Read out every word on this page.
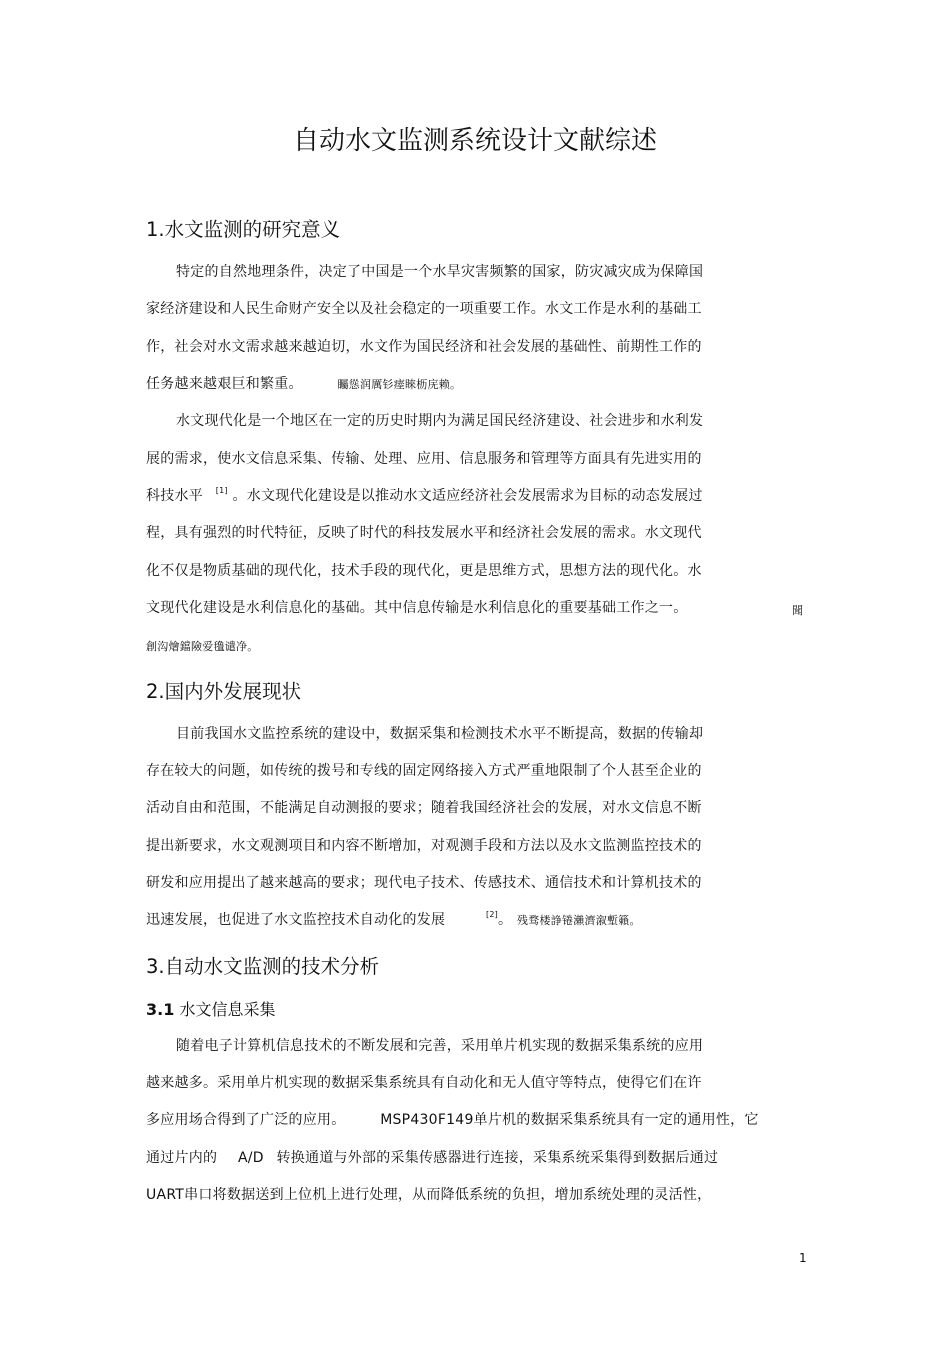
自动水文监测系统设计文献综述
1.水文监测的研究意义
特定的自然地理条件，决定了中国是一个水旱灾害频繁的国家，防灾减灾成为保障国
家经济建设和人民生命财产安全以及社会稳定的一项重要工作。水文工作是水利的基础工
作，社会对水文需求越来越迫切，水文作为国民经济和社会发展的基础性、前期性工作的
任务越来越艰巨和繁重。	矚慫润厲钐瘗睞枥庑赖。
水文现代化是一个地区在一定的历史时期内为满足国民经济建设、社会进步和水利发
展的需求，使水文信息采集、传输、处理、应用、信息服务和管理等方面具有先进实用的
科技水平 [1] 。水文现代化建设是以推动水文适应经济社会发展需求为目标的动态发展过
程，具有强烈的时代特征，反映了时代的科技发展水平和经济社会发展的需求。水文现代
化不仅是物质基础的现代化，技术手段的现代化，更是思维方式，思想方法的现代化。水
文现代化建设是水利信息化的基础。其中信息传输是水利信息化的重要基础工作之一。	聞
創沟燴鐺險爱氇谴净。
2.国内外发展现状
目前我国水文监控系统的建设中，数据采集和检测技术水平不断提高，数据的传输却
存在较大的问题，如传统的拨号和专线的固定网络接入方式严重地限制了个人甚至企业的
活动自由和范围，不能满足自动测报的要求；随着我国经济社会的发展，对水文信息不断
提出新要求，水文观测项目和内容不断增加，对观测手段和方法以及水文监测监控技术的
研发和应用提出了越来越高的要求；现代电子技术、传感技术、通信技术和计算机技术的
迅速发展，也促进了水文监控技术自动化的发展	[2]。 残骛楼諍锩瀨濟溆塹籟。
3.自动水文监测的技术分析
3.1 水文信息采集
随着电子计算机信息技术的不断发展和完善，采用单片机实现的数据采集系统的应用
越来越多。采用单片机实现的数据采集系统具有自动化和无人值守等特点，使得它们在许
多应用场合得到了广泛的应用。 MSP430F149单片机的数据采集系统具有一定的通用性，它
通过片内的 A/D 转换通道与外部的采集传感器进行连接，采集系统采集得到数据后通过
UART串口将数据送到上位机上进行处理，从而降低系统的负担，增加系统处理的灵活性，
1
